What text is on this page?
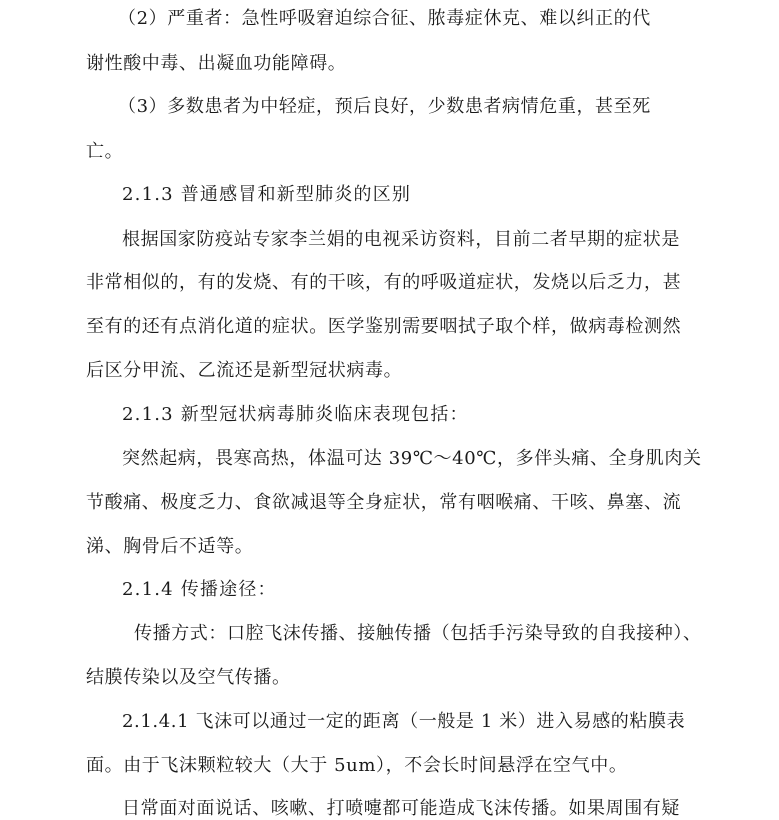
（2）严重者：急性呼吸窘迫综合征、脓毒症休克、难以纠正的代
谢性酸中毒、出凝血功能障碍。
（3）多数患者为中轻症，预后良好，少数患者病情危重，甚至死
亡。
2.1.3 普通感冒和新型肺炎的区别
根据国家防疫站专家李兰娟的电视采访资料，目前二者早期的症状是
非常相似的，有的发烧、有的干咳，有的呼吸道症状，发烧以后乏力，甚
至有的还有点消化道的症状。医学鉴别需要咽拭子取个样，做病毒检测然
后区分甲流、乙流还是新型冠状病毒。
2.1.3 新型冠状病毒肺炎临床表现包括：
突然起病，畏寒高热，体温可达 39℃～40℃，多伴头痛、全身肌肉关
节酸痛、极度乏力、食欲减退等全身症状，常有咽喉痛、干咳、鼻塞、流
涕、胸骨后不适等。
2.1.4 传播途径：
传播方式：口腔飞沫传播、接触传播（包括手污染导致的自我接种）、
结膜传染以及空气传播。
2.1.4.1 飞沫可以通过一定的距离（一般是 1 米）进入易感的粘膜表
面。由于飞沫颗粒较大（大于 5um），不会长时间悬浮在空气中。
日常面对面说话、咳嗽、打喷嚏都可能造成飞沫传播。如果周围有疑
